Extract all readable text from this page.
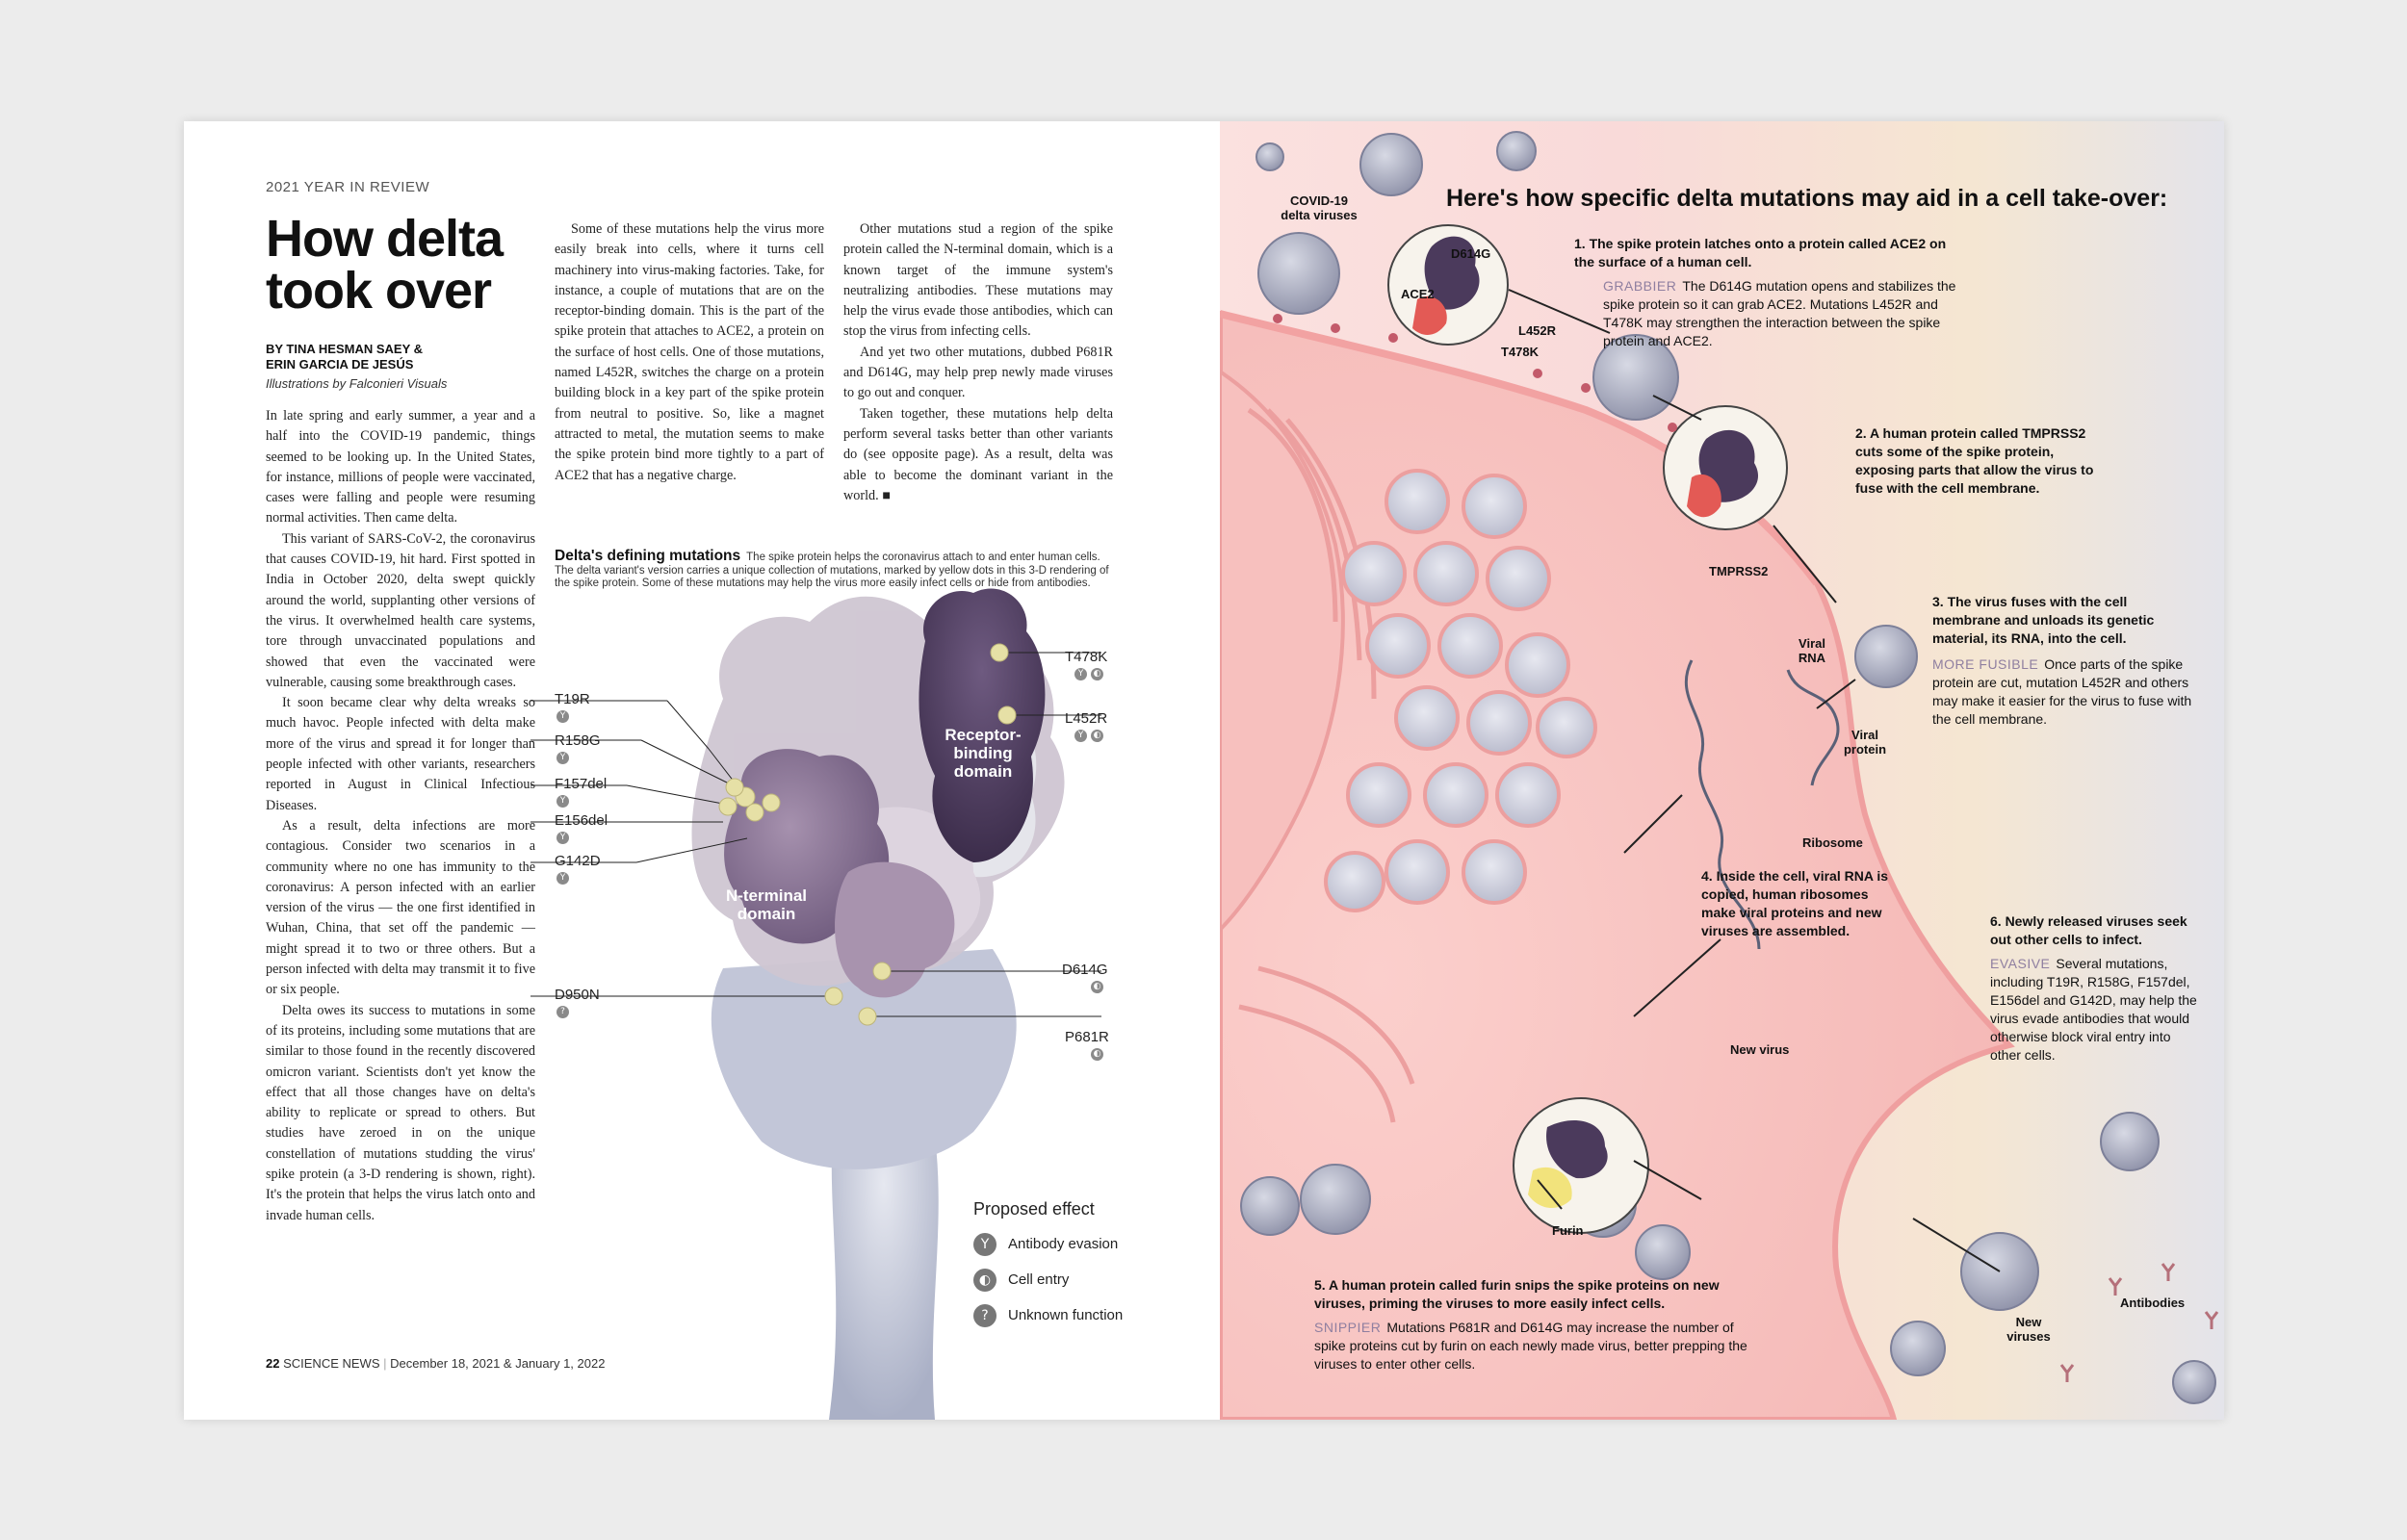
2021 YEAR IN REVIEW
How delta took over
BY TINA HESMAN SAEY &
ERIN GARCIA DE JESÚS
Illustrations by Falconieri Visuals

In late spring and early summer, a year and a half into the COVID-19 pandemic, things seemed to be looking up. In the United States, for instance, millions of people were vaccinated, cases were falling and people were resuming normal activities. Then came delta.

This variant of SARS-CoV-2, the coronavirus that causes COVID-19, hit hard. First spotted in India in October 2020, delta swept quickly around the world, supplanting other versions of the virus. It overwhelmed health care systems, tore through unvaccinated populations and showed that even the vaccinated were vulnerable, causing some breakthrough cases.

It soon became clear why delta wreaks so much havoc. People infected with delta make more of the virus and spread it for longer than people infected with other variants, researchers reported in August in Clinical Infectious Diseases.

As a result, delta infections are more contagious. Consider two scenarios in a community where no one has immunity to the coronavirus: A person infected with an earlier version of the virus — the one first identified in Wuhan, China, that set off the pandemic — might spread it to two or three others. But a person infected with delta may transmit it to five or six people.

Delta owes its success to mutations in some of its proteins, including some mutations that are similar to those found in the recently discovered omicron variant. Scientists don't yet know the effect that all those changes have on delta's ability to replicate or spread to others. But studies have zeroed in on the unique constellation of mutations studding the virus' spike protein (a 3-D rendering is shown, right). It's the protein that helps the virus latch onto and invade human cells.

Some of these mutations help the virus more easily break into cells, where it turns cell machinery into virus-making factories. Take, for instance, a couple of mutations that are on the receptor-binding domain. This is the part of the spike protein that attaches to ACE2, a protein on the surface of host cells. One of those mutations, named L452R, switches the charge on a protein building block in a key part of the spike protein from neutral to positive. So, like a magnet attracted to metal, the mutation seems to make the spike protein bind more tightly to a part of ACE2 that has a negative charge.

Other mutations stud a region of the spike protein called the N-terminal domain, which is a known target of the immune system's neutralizing antibodies. These mutations may help the virus evade those antibodies, which can stop the virus from infecting cells.

And yet two other mutations, dubbed P681R and D614G, may help prep newly made viruses to go out and conquer.

Taken together, these mutations help delta perform several tasks better than other variants do (see opposite page). As a result, delta was able to become the dominant variant in the world. ■

Delta's defining mutations The spike protein helps the coronavirus attach to and enter human cells. The delta variant's version carries a unique collection of mutations, marked by yellow dots in this 3-D rendering of the spike protein. Some of these mutations may help the virus more easily infect cells or hide from antibodies.
Receptor-binding domain
N-terminal domain
T19R
Y
R158G
Y
F157del
Y
E156del
Y
G142D
Y
D950N
?
T478K
Y	◐
L452R
Y	◐
D614G
◐
P681R
◐
Proposed effect
Y Antibody evasion
◐ Cell entry
? Unknown function
22 SCIENCE NEWS | December 18, 2021 & January 1, 2022
Here's how specific delta mutations may aid in a cell take-over:
COVID-19 delta viruses
1. The spike protein latches onto a protein called ACE2 on the surface of a human cell.
GRABBIER The D614G mutation opens and stabilizes the spike protein so it can grab ACE2. Mutations L452R and T478K may strengthen the interaction between the spike protein and ACE2.
2. A human protein called TMPRSS2 cuts some of the spike protein, exposing parts that allow the virus to fuse with the cell membrane.
3. The virus fuses with the cell membrane and unloads its genetic material, its RNA, into the cell.
MORE FUSIBLE Once parts of the spike protein are cut, mutation L452R and others may make it easier for the virus to fuse with the cell membrane.
4. Inside the cell, viral RNA is copied, human ribosomes make viral proteins and new viruses are assembled.
6. Newly released viruses seek out other cells to infect.
EVASIVE Several mutations, including T19R, R158G, F157del, E156del and G142D, may help the virus evade antibodies that would otherwise block viral entry into other cells.
5. A human protein called furin snips the spike proteins on new viruses, priming the viruses to more easily infect cells.
SNIPPIER Mutations P681R and D614G may increase the number of spike proteins cut by furin on each newly made virus, better prepping the viruses to enter other cells.
D614G
ACE2
L452R
T478K
TMPRSS2
Viral RNA
Viral protein
Ribosome
New virus
Furin
New viruses
Antibodies
